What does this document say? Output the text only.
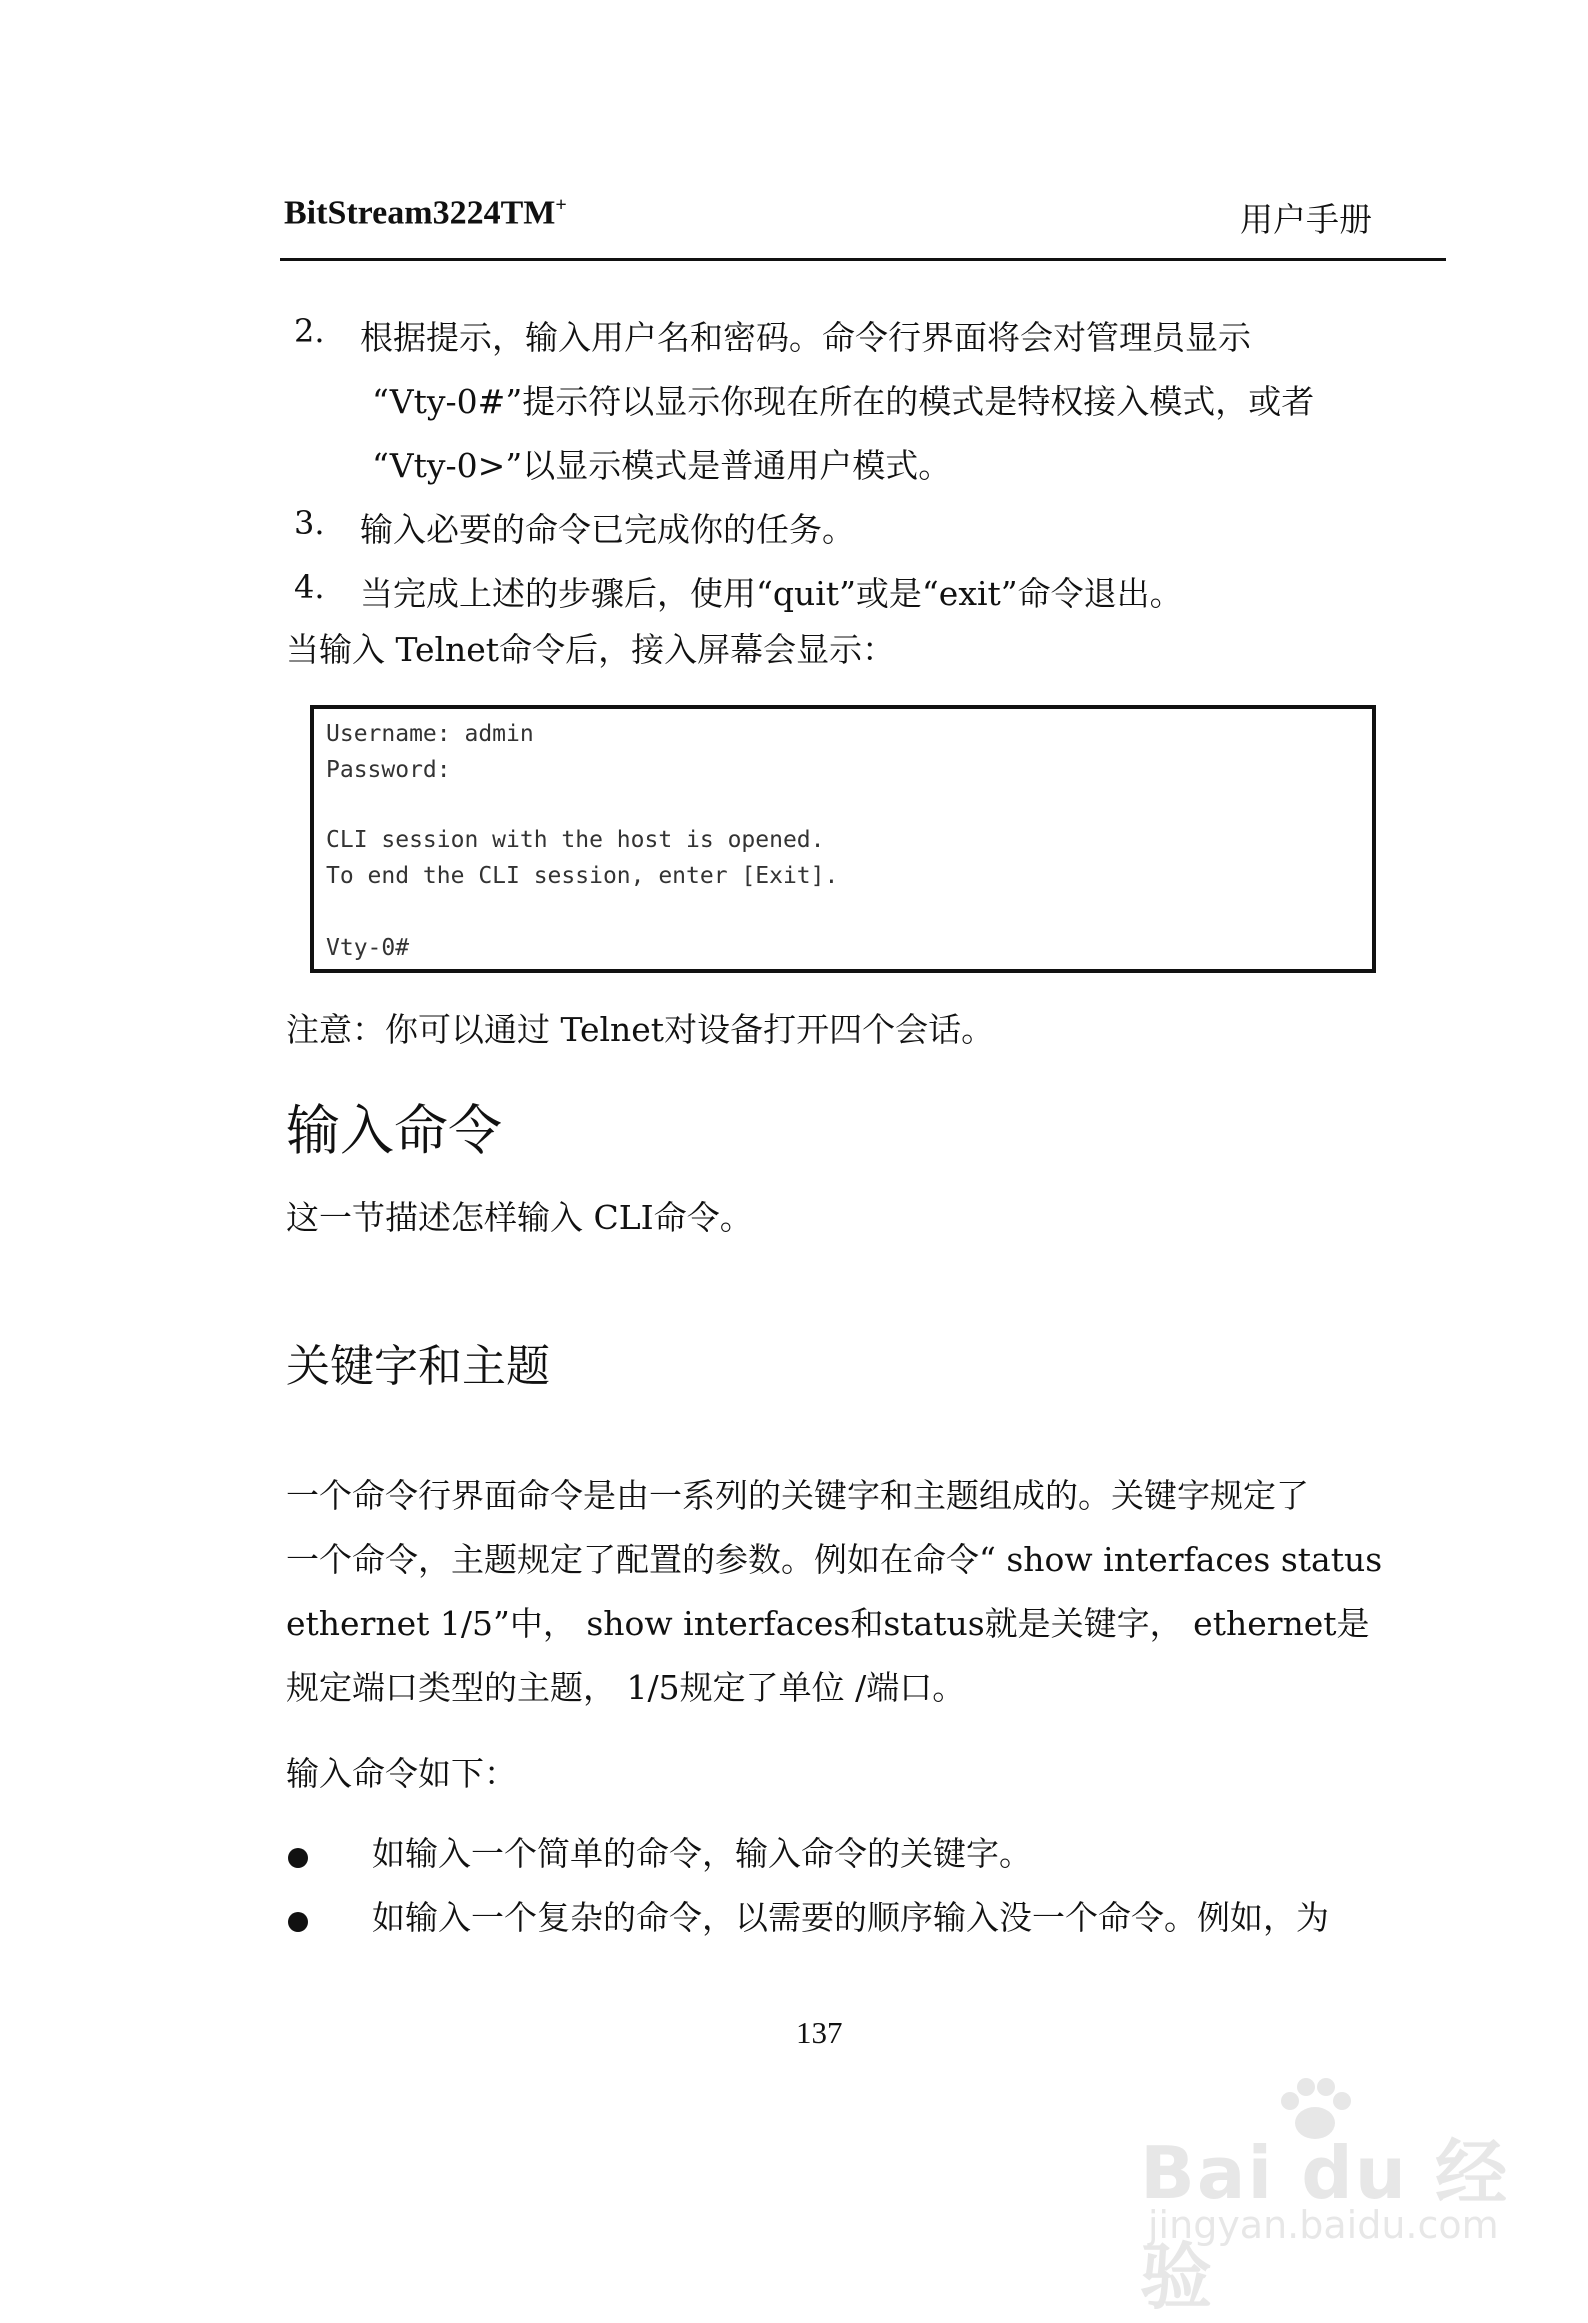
BitStream3224TM+	用户手册
2. 根据提示，输入用户名和密码。命令行界面将会对管理员显示
“Vty-0#”提示符以显示你现在所在的模式是特权接入模式，或者
“Vty-0>”以显示模式是普通用户模式。
3. 输入必要的命令已完成你的任务。
4. 当完成上述的步骤后，使用“quit”或是“exit”命令退出。
当输入 Telnet命令后，接入屏幕会显示：
Username: admin
Password:
CLI session with the host is opened.
To end the CLI session, enter [Exit].
Vty-0#
注意：你可以通过 Telnet对设备打开四个会话。
输入命令
这一节描述怎样输入 CLI命令。
关键字和主题
一个命令行界面命令是由一系列的关键字和主题组成的。关键字规定了
一个命令，主题规定了配置的参数。例如在命令“ show interfaces status
ethernet 1/5”中， show interfaces和status就是关键字， ethernet是
规定端口类型的主题， 1/5规定了单位 /端口。
输入命令如下：
如输入一个简单的命令，输入命令的关键字。
如输入一个复杂的命令，以需要的顺序输入没一个命令。例如，为
137
Bai du 经验
jingyan.baidu.com
